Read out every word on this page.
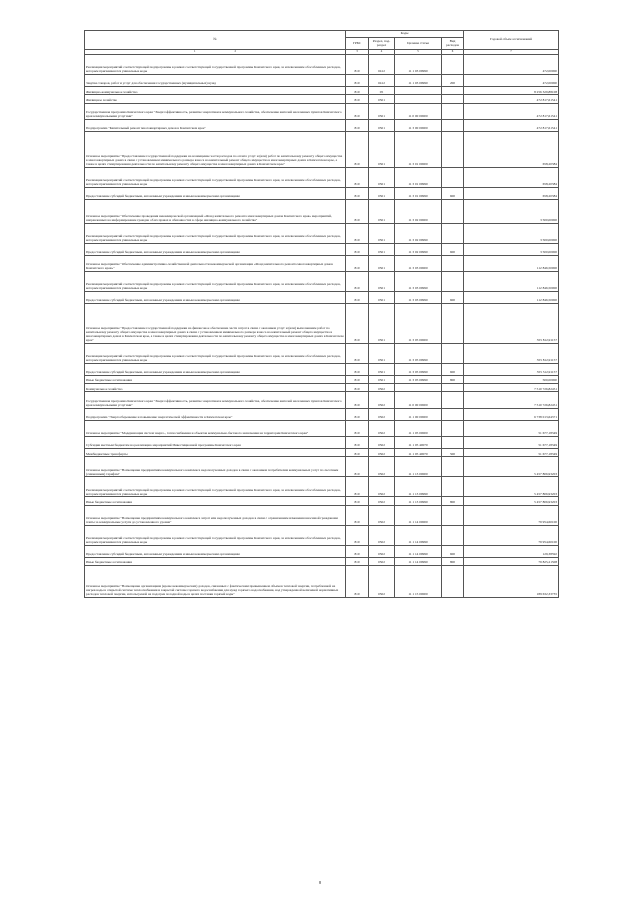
№	Коды				Годовой объем ассигнований
	ГРБС	Раздел, под-раздел	Целевая статья	Вид расходов	
1 2	3	4	5	6	7
Реализация мероприятий соответствующей подпрограммы в рамках соответствующей государственной программы Камчатского края, за исключением обособленных расходов, которым присваиваются уникальные коды	810	0412	11 1 03 09990		472,00000
Закупка товаров, работ и услуг для обеспечения государственных (муниципальных) нужд	810	0412	11 1 03 09990	200	472,00000
Жилищно-коммунальное хозяйство	810	05			8 256 329,88108
Жилищное хозяйство	810	0501			472 817,61541
Государственная программа Камчатского края "Энергоэффективность, развитие энергетики и коммунального хозяйства, обеспечение жителей населенных пунктов Камчатского края коммунальными услугами"	810	0501	11 0 00 00000		472 817,61541
Подпрограмма "Капитальный ремонт многоквартирных домов в Камчатском крае"	810	0501	11 3 00 00000		472 817,61541
Основное мероприятие "Предоставление государственной поддержки на возмещение части расходов по оплате услуг и (или) работ по капитальному ремонту общего имущества в многоквартирных домах в связи с установлением минимального размера взноса на капитальный ремонт общего имущества в многоквартирных домах в Камчатском крае, а также в целях стимулирования деятельности по капитальному ремонту общего имущества в многоквартирных домах в Камчатском крае"	810	0501	11 3 01 00000		658,20384
Реализация мероприятий соответствующей подпрограммы в рамках соответствующей государственной программы Камчатского края, за исключением обособленных расходов, которым присваиваются уникальные коды	810	0501	11 3 01 09990		658,20384
Предоставление субсидий бюджетным, автономным учреждениям и иным некоммерческим организациям	810	0501	11 3 01 09990	600	658,20384
Основное мероприятие "Обеспечение проведения некоммерческой организацией «Фонд капитального ремонта многоквартирных домов Камчатского края» мероприятий, направленных на информирование граждан об их правах и обязанностях в сфере жилищно-коммунального хозяйства"	810	0501	11 3 02 00000		3 500,00000
Реализация мероприятий соответствующей подпрограммы в рамках соответствующей государственной программы Камчатского края, за исключением обособленных расходов, которым присваиваются уникальные коды	810	0501	11 3 02 09990		3 500,00000
Предоставление субсидий бюджетным, автономным учреждениям и иным некоммерческим организациям	810	0501	11 3 02 09990	600	3 500,00000
Основное мероприятие "Обеспечение административно-хозяйственной деятельности некоммерческой организации «Фонд капитального ремонта многоквартирных домов Камчатского края»"	810	0501	11 3 03 00000		112 846,50000
Реализация мероприятий соответствующей подпрограммы в рамках соответствующей государственной программы Камчатского края, за исключением обособленных расходов, которым присваиваются уникальные коды	810	0501	11 3 03 09990		112 846,50000
Предоставление субсидий бюджетным, автономным учреждениям и иным некоммерческим организациям	810	0501	11 3 03 09990	600	112 846,50000
Основное мероприятие "Предоставление государственной поддержки на финансовое обеспечение части затрат в связи с оказанием услуг и (или) выполнением работ по капитальному ремонту общего имущества в многоквартирных домах в связи с установлением минимального размера взноса на капитальный ремонт общего имущества в многоквартирных домах в Камчатском крае, а также в целях стимулирования деятельности по капитальному ремонту общего имущества в многоквартирных домах в Камчатском крае"	810	0501	11 3 05 00000		355 812,91157
Реализация мероприятий соответствующей подпрограммы в рамках соответствующей государственной программы Камчатского края, за исключением обособленных расходов, которым присваиваются уникальные коды	810	0501	11 3 05 09990		355 812,91157
Предоставление субсидий бюджетным, автономным учреждениям и иным некоммерческим организациям	810	0501	11 3 05 09990	600	355 312,91157
Иные бюджетные ассигнования	810	0501	11 3 05 09990	800	500,00000
Коммунальное хозяйство	810	0502			7 510 726,82451
Государственная программа Камчатского края "Энергоэффективность, развитие энергетики и коммунального хозяйства, обеспечение жителей населенных пунктов Камчатского края коммунальными услугами"	810	0502	11 0 00 00000		7 510 726,82451
Подпрограмма "Энергосбережение и повышение энергетической эффективности в Камчатском крае"	810	0502	11 1 00 00000		6 738 013,64371
Основное мероприятие "Модернизация систем энерго-, теплоснабжения и объектов коммунально-бытового назначения на территории Камчатского края"	810	0502	11 1 05 00000		51 677,18349
Субсидия местным бюджетам на реализацию мероприятий Инвестиционной программы Камчатского края	810	0502	11 1 05 40070		51 677,18349
Межбюджетные трансферты	810	0502	11 1 05 40070	500	51 677,18349
Основное мероприятие "Возмещение предприятиям коммунального комплекса недополученных доходов в связи с оказанием потребителям коммунальных услуг по льготным (сниженным) тарифам"	810	0502	11 1 13 00000		5 457 806,93203
Реализация мероприятий соответствующей подпрограммы в рамках соответствующей государственной программы Камчатского края, за исключением обособленных расходов, которым присваиваются уникальные коды	810	0502	11 1 13 09990		5 457 806,93203
Иные бюджетные ассигнования	810	0502	11 1 13 09990	800	5 457 806,93203
Основное мероприятие "Возмещение предприятиям коммунального комплекса затрат или недополученных доходов в связи с ограничением изменения вносимой гражданами платы за коммунальные услуги до установленного уровня"	810	0502	11 1 14 00000		79 954,60100
Реализация мероприятий соответствующей подпрограммы в рамках соответствующей государственной программы Камчатского края, за исключением обособленных расходов, которым присваиваются уникальные коды	810	0502	11 1 14 09990		79 954,60100
Предоставление субсидий бюджетным, автономным учреждениям и иным некоммерческим организациям	810	0502	11 1 14 09990	600	129,38592
Иные бюджетные ассигнования	810	0502	11 1 14 09990	800	79 825,21508
Основное мероприятие "Возмещение организациям (кроме некоммерческих) доходов, связанных с фактическим превышением объемов тепловой энергии, потребленной на нагрев воды в открытой системе теплоснабжения и закрытой системе горячего водоснабжения для нужд горячего водоснабжения, над утвержденной величиной нормативных расходов тепловой энергии, используемой на подогрев холодной воды в целях поставки горячей воды"	810	0502	11 1 15 00000		189 632,33735
8
